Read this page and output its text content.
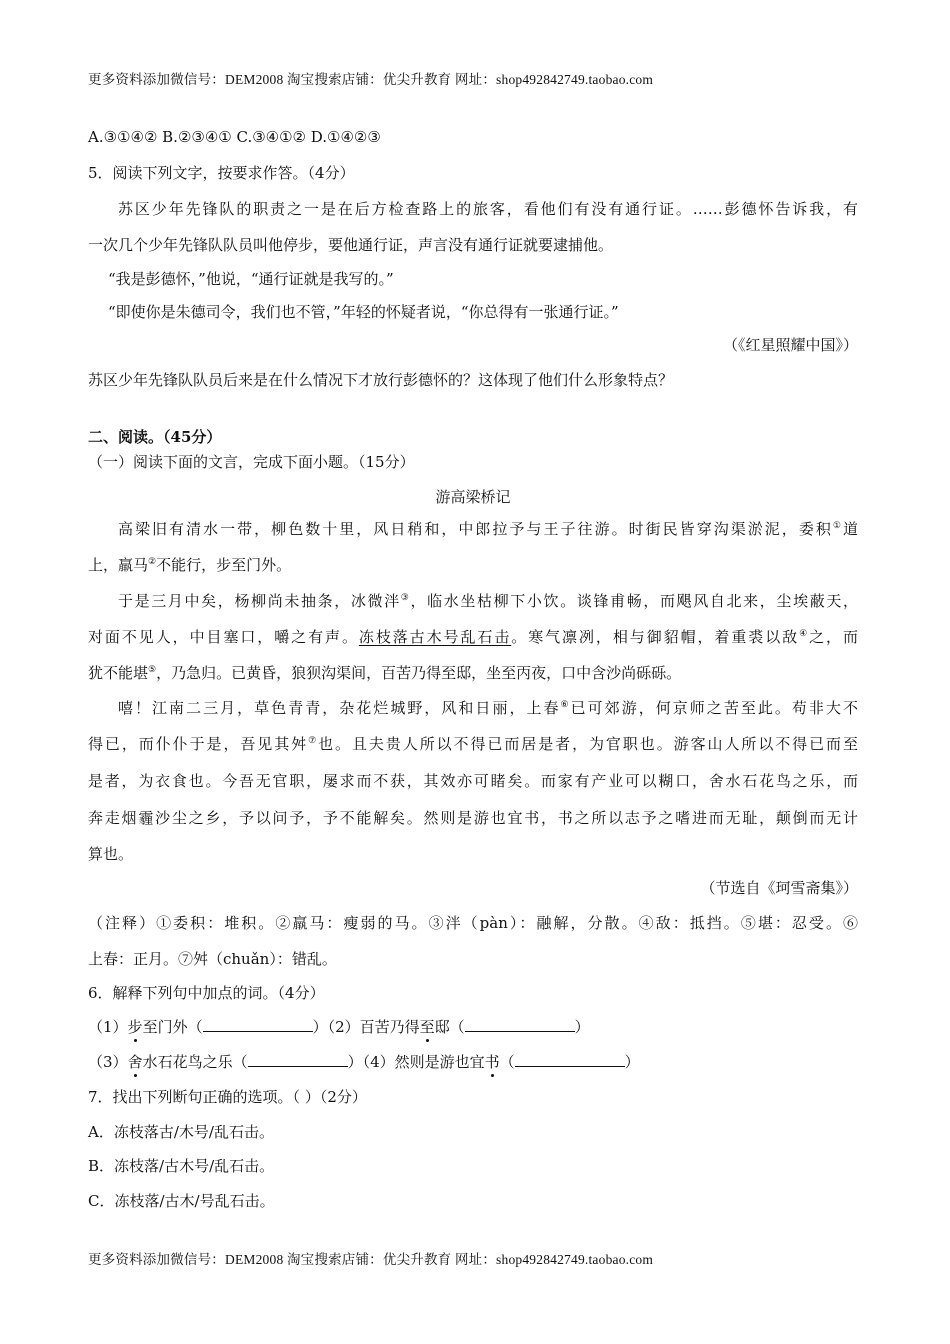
更多资料添加微信号：DEM2008 淘宝搜索店铺：优尖升教育 网址：shop492842749.taobao.com
A.③①④② B.②③④① C.③④①② D.①④②③
5．阅读下列文字，按要求作答。（4分）
苏区少年先锋队的职责之一是在后方检查路上的旅客，看他们有没有通行证。……彭德怀告诉我，有
一次几个少年先锋队队员叫他停步，要他通行证，声言没有通行证就要逮捕他。
“我是彭德怀，”他说，“通行证就是我写的。”
“即使你是朱德司令，我们也不管，”年轻的怀疑者说，“你总得有一张通行证。”
（《红星照耀中国》）
苏区少年先锋队队员后来是在什么情况下才放行彭德怀的？这体现了他们什么形象特点？
二、阅读。（45分）
（一）阅读下面的文言，完成下面小题。（15分）
游高梁桥记
高梁旧有清水一带，柳色数十里，风日稍和，中郎拉予与王子往游。时街民皆穿沟渠淤泥，委积①道
上，羸马②不能行，步至门外。
于是三月中矣，杨柳尚未抽条，冰微泮③，临水坐枯柳下小饮。谈锋甫畅，而飓风自北来，尘埃蔽天，
对面不见人，中目塞口，嚼之有声。冻枝落古木号乱石击。寒气凛冽，相与御貂帽，着重裘以敌④之，而
犹不能堪⑤，乃急归。已黄昏，狼狈沟渠间，百苦乃得至邸，坐至丙夜，口中含沙尚砾砾。
嘻！江南二三月，草色青青，杂花烂城野，风和日丽，上春⑥已可郊游，何京师之苦至此。苟非大不
得已，而仆仆于是，吾见其舛⑦也。且夫贵人所以不得已而居是者，为官职也。游客山人所以不得已而至
是者，为衣食也。今吾无官职，屡求而不获，其效亦可睹矣。而家有产业可以糊口，舍水石花鸟之乐，而
奔走烟霾沙尘之乡，予以问予，予不能解矣。然则是游也宜书，书之所以志予之嗜进而无耻，颠倒而无计
算也。
（节选自《珂雪斋集》）
（注释）①委积：堆积。②羸马：瘦弱的马。③泮（pàn）：融解，分散。④敌：抵挡。⑤堪：忍受。⑥
上春：正月。⑦舛（chuǎn）：错乱。
6．解释下列句中加点的词。（4分）
（1）步至门外（	）（2）百苦乃得至邸（	）
（3）舍水石花鸟之乐（	）（4）然则是游也宜书（	）
7．找出下列断句正确的选项。（ ）（2分）
A．冻枝落古/木号/乱石击。
B．冻枝落/古木号/乱石击。
C．冻枝落/古木/号乱石击。
更多资料添加微信号：DEM2008 淘宝搜索店铺：优尖升教育 网址：shop492842749.taobao.com
